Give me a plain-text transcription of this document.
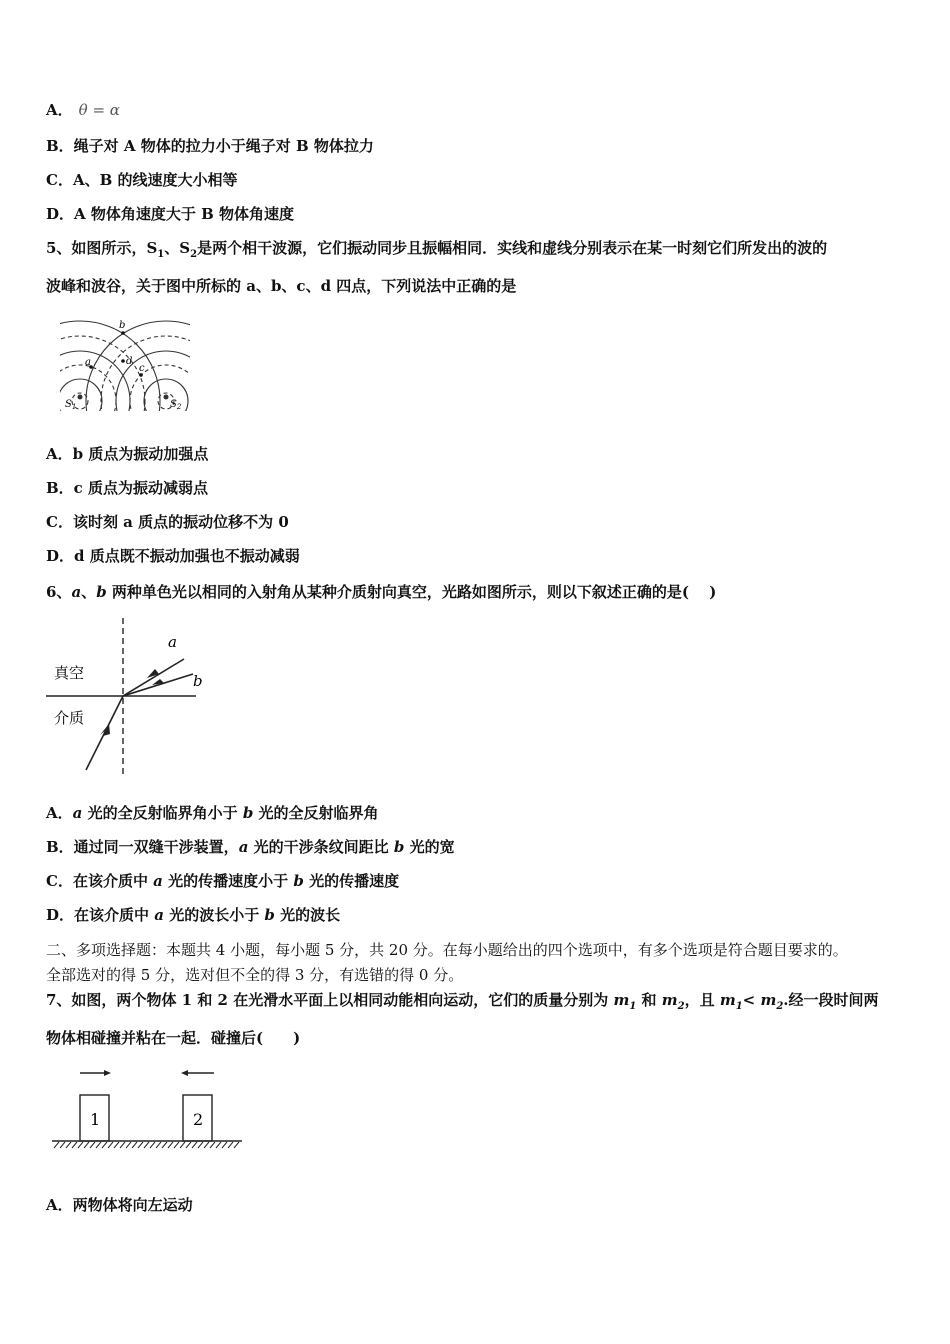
A． θ = α
B．绳子对 A 物体的拉力小于绳子对 B 物体拉力
C．A、B 的线速度大小相等
D．A 物体角速度大于 B 物体角速度
5、如图所示，$S_1$、$S_2$是两个相干波源，它们振动同步且振幅相同．实线和虚线分别表示在某一时刻它们所发出的波的
波峰和波谷，关于图中所标的 a、b、c、d 四点，下列说法中正确的是
a
b
c
d
$S_1$	$S_2$
A．b 质点为振动加强点
B．c 质点为振动减弱点
C．该时刻 a 质点的振动位移不为 0
D．d 质点既不振动加强也不振动减弱
6、a、b 两种单色光以相同的入射角从某种介质射向真空，光路如图所示，则以下叙述正确的是(　 )
真空
介质
a
b
A．a 光的全反射临界角小于 b 光的全反射临界角
B．通过同一双缝干涉装置，a 光的干涉条纹间距比 b 光的宽
C．在该介质中 a 光的传播速度小于 b 光的传播速度
D．在该介质中 a 光的波长小于 b 光的波长
二、多项选择题：本题共 4 小题，每小题 5 分，共 20 分。在每小题给出的四个选项中，有多个选项是符合题目要求的。
全部选对的得 5 分，选对但不全的得 3 分，有选错的得 0 分。
7、如图，两个物体 1 和 2 在光滑水平面上以相同动能相向运动，它们的质量分别为 $m_1$ 和 $m_2$，且 $m_1< m_2$.经一段时间两
物体相碰撞并粘在一起．碰撞后(　　)
1	2
A．两物体将向左运动
